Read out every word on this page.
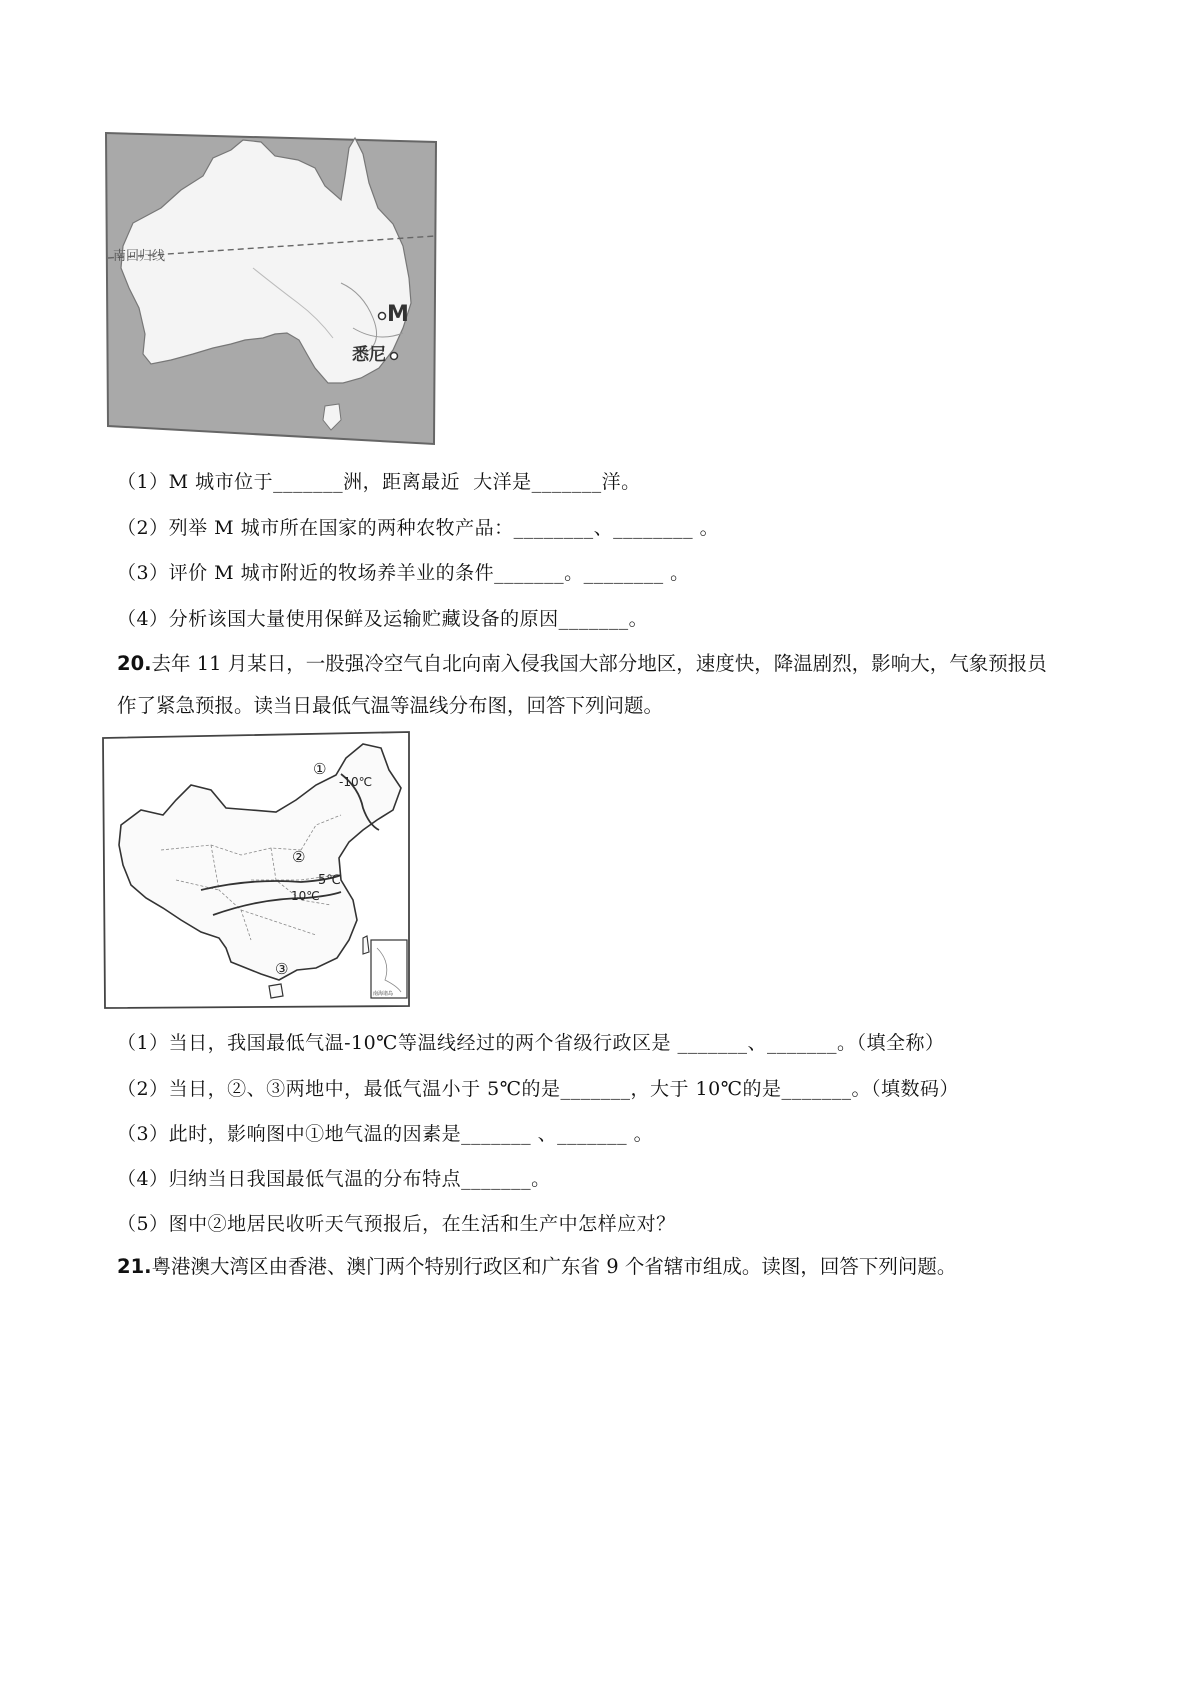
南回归线
M
悉尼
（1）M 城市位于_______洲，距离最近  大洋是_______洋。
（2）列举 M 城市所在国家的两种农牧产品：________、________ 。
（3）评价 M 城市附近的牧场养羊业的条件_______。________ 。
（4）分析该国大量使用保鲜及运输贮藏设备的原因_______。
20.去年 11 月某日，一股强冷空气自北向南入侵我国大部分地区，速度快，降温剧烈，影响大，气象预报员
作了紧急预报。读当日最低气温等温线分布图，回答下列问题。
①
-10℃
②
5℃
10℃
③
南海诸岛
（1）当日，我国最低气温-10℃等温线经过的两个省级行政区是 _______、_______。（填全称）
（2）当日，②、③两地中，最低气温小于 5℃的是_______，大于 10℃的是_______。（填数码）
（3）此时，影响图中①地气温的因素是_______ 、_______ 。
（4）归纳当日我国最低气温的分布特点_______。
（5）图中②地居民收听天气预报后，在生活和生产中怎样应对？
21.粤港澳大湾区由香港、澳门两个特别行政区和广东省 9 个省辖市组成。读图，回答下列问题。
